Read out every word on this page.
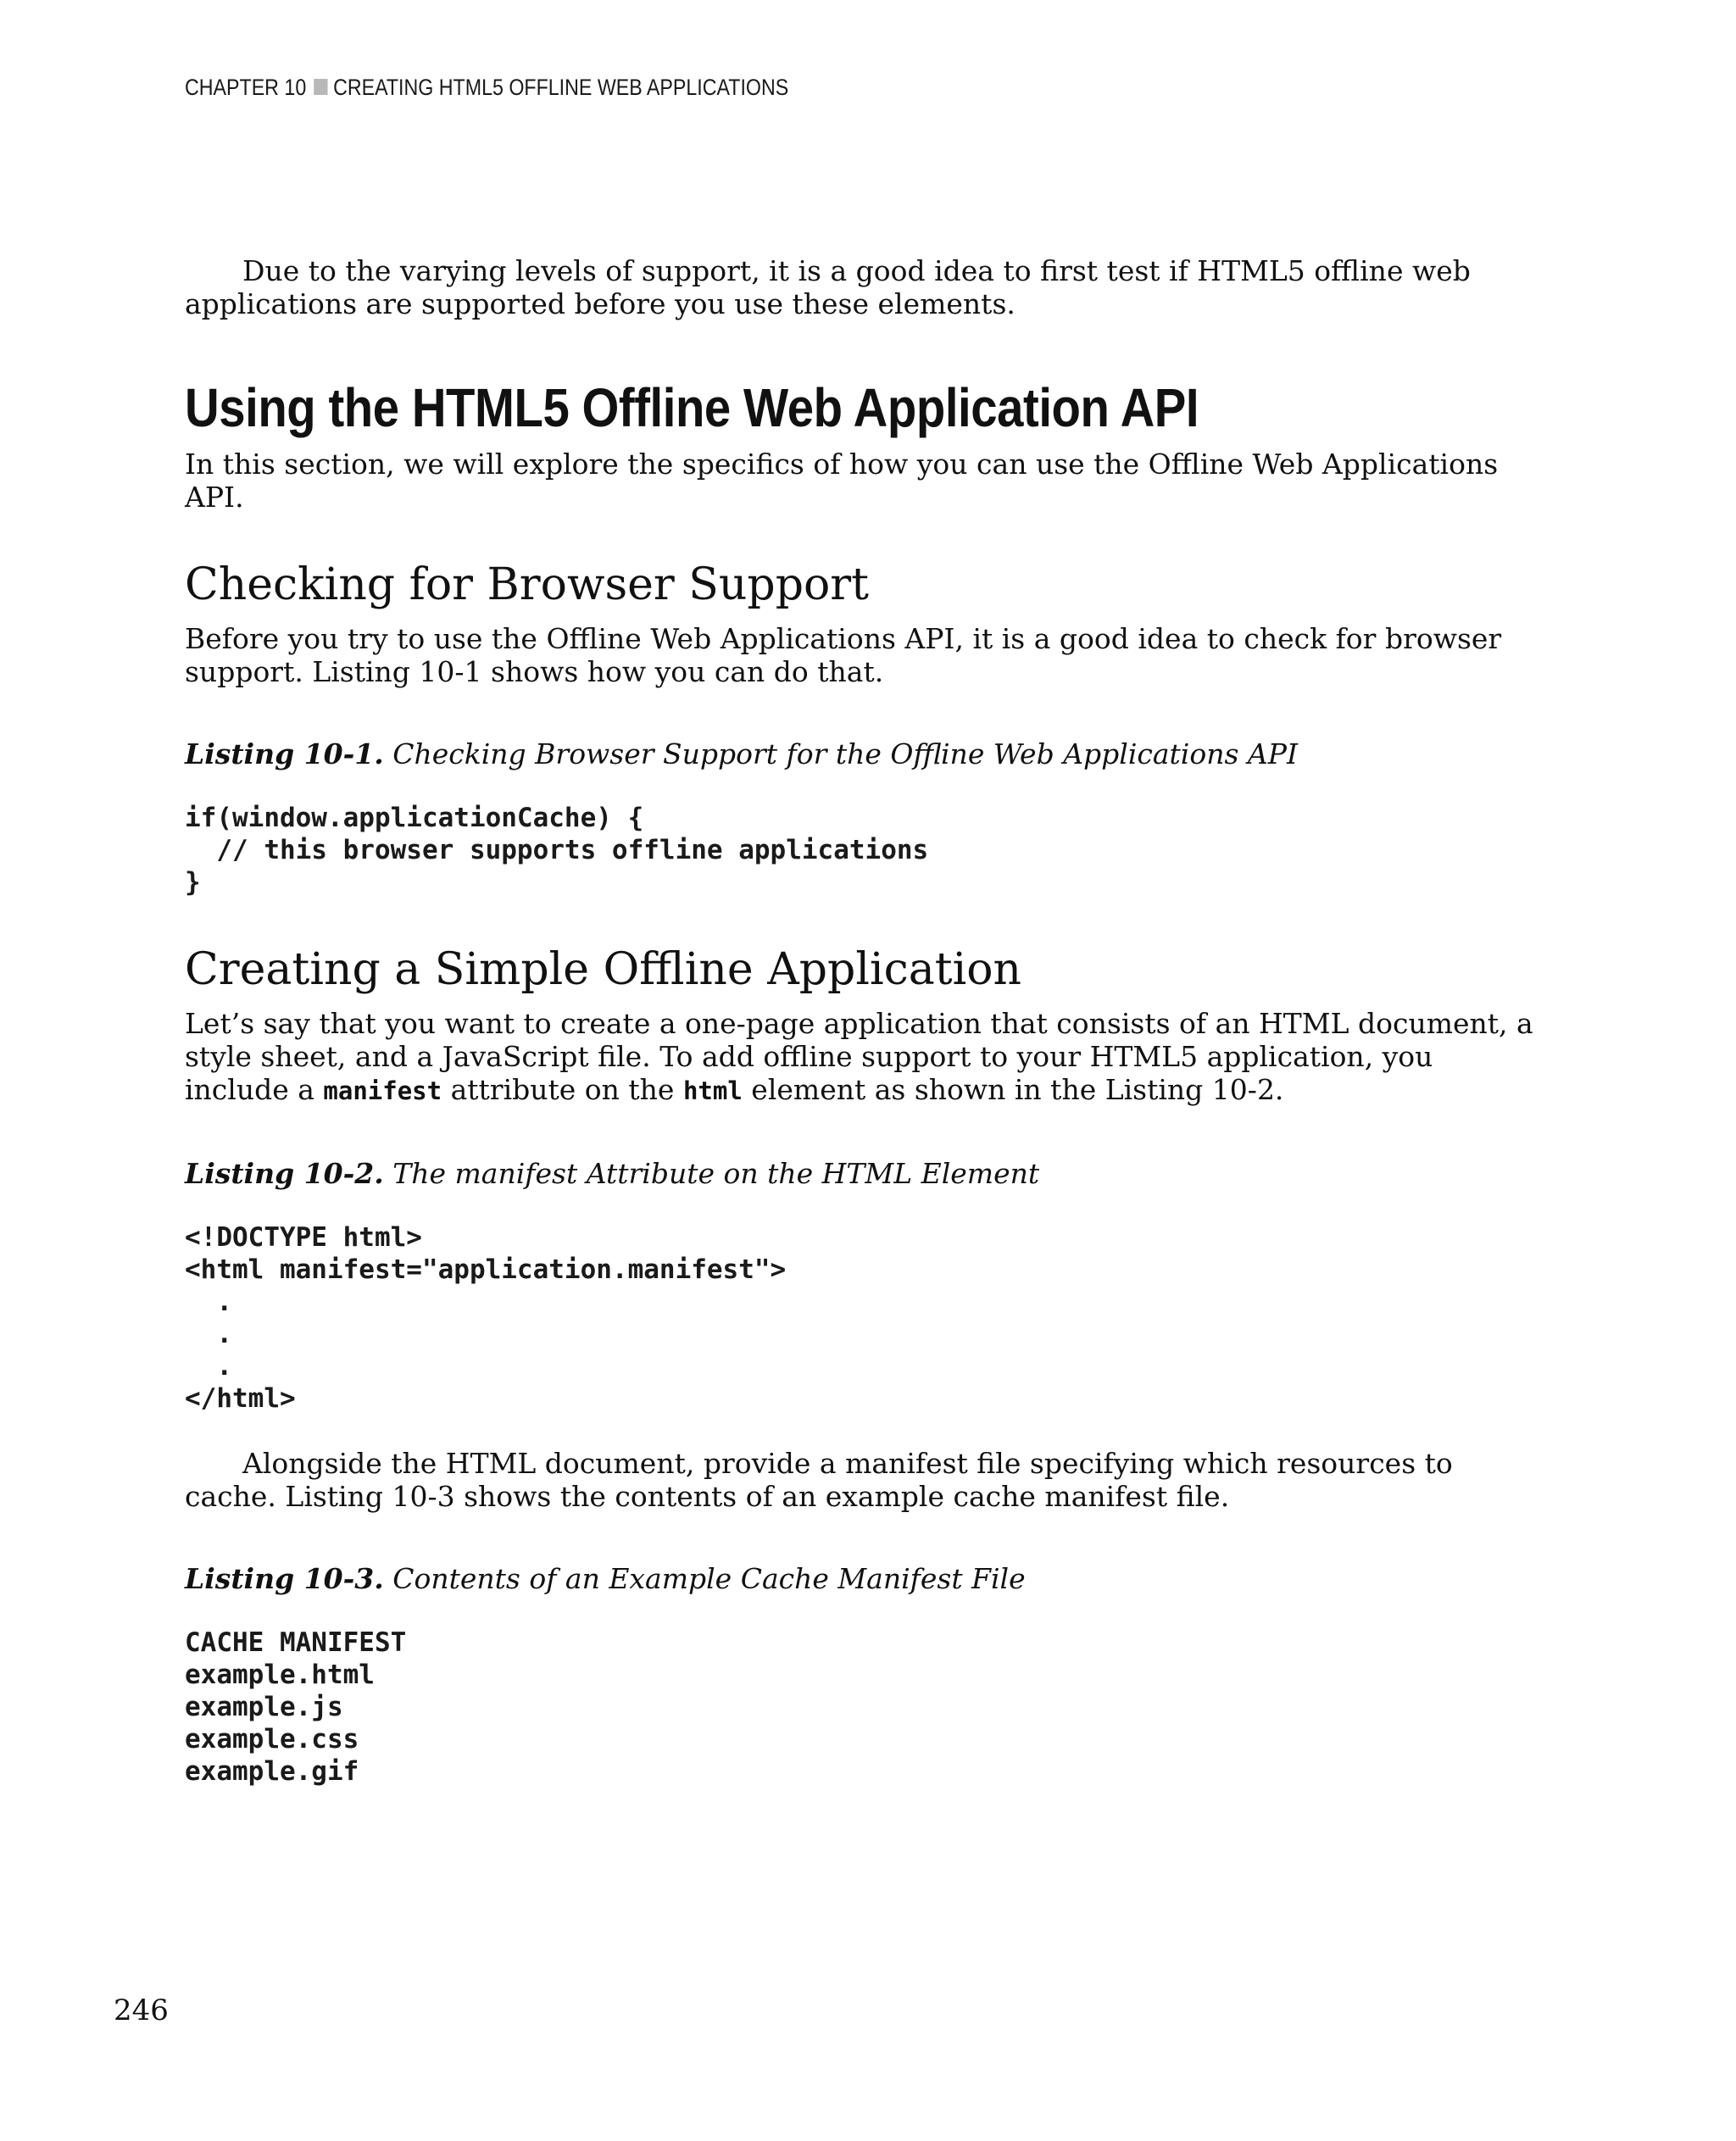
CHAPTER 10 CREATING HTML5 OFFLINE WEB APPLICATIONS

Due to the varying levels of support, it is a good idea to first test if HTML5 offline web applications are supported before you use these elements.

Using the HTML5 Offline Web Application API

In this section, we will explore the specifics of how you can use the Offline Web Applications API.

Checking for Browser Support

Before you try to use the Offline Web Applications API, it is a good idea to check for browser support. Listing 10-1 shows how you can do that.

Listing 10-1. Checking Browser Support for the Offline Web Applications API

if(window.applicationCache) {
// this browser supports offline applications
}
Creating a Simple Offline Application

Let’s say that you want to create a one-page application that consists of an HTML document, a style sheet, and a JavaScript file. To add offline support to your HTML5 application, you include a manifest attribute on the html element as shown in the Listing 10-2.

Listing 10-2. The manifest Attribute on the HTML Element

<!DOCTYPE html>
<html manifest="application.manifest">
.
.
.
</html>

Alongside the HTML document, provide a manifest file specifying which resources to cache. Listing 10-3 shows the contents of an example cache manifest file.

Listing 10-3. Contents of an Example Cache Manifest File

CACHE MANIFEST
example.html
example.js
example.css
example.gif
246
